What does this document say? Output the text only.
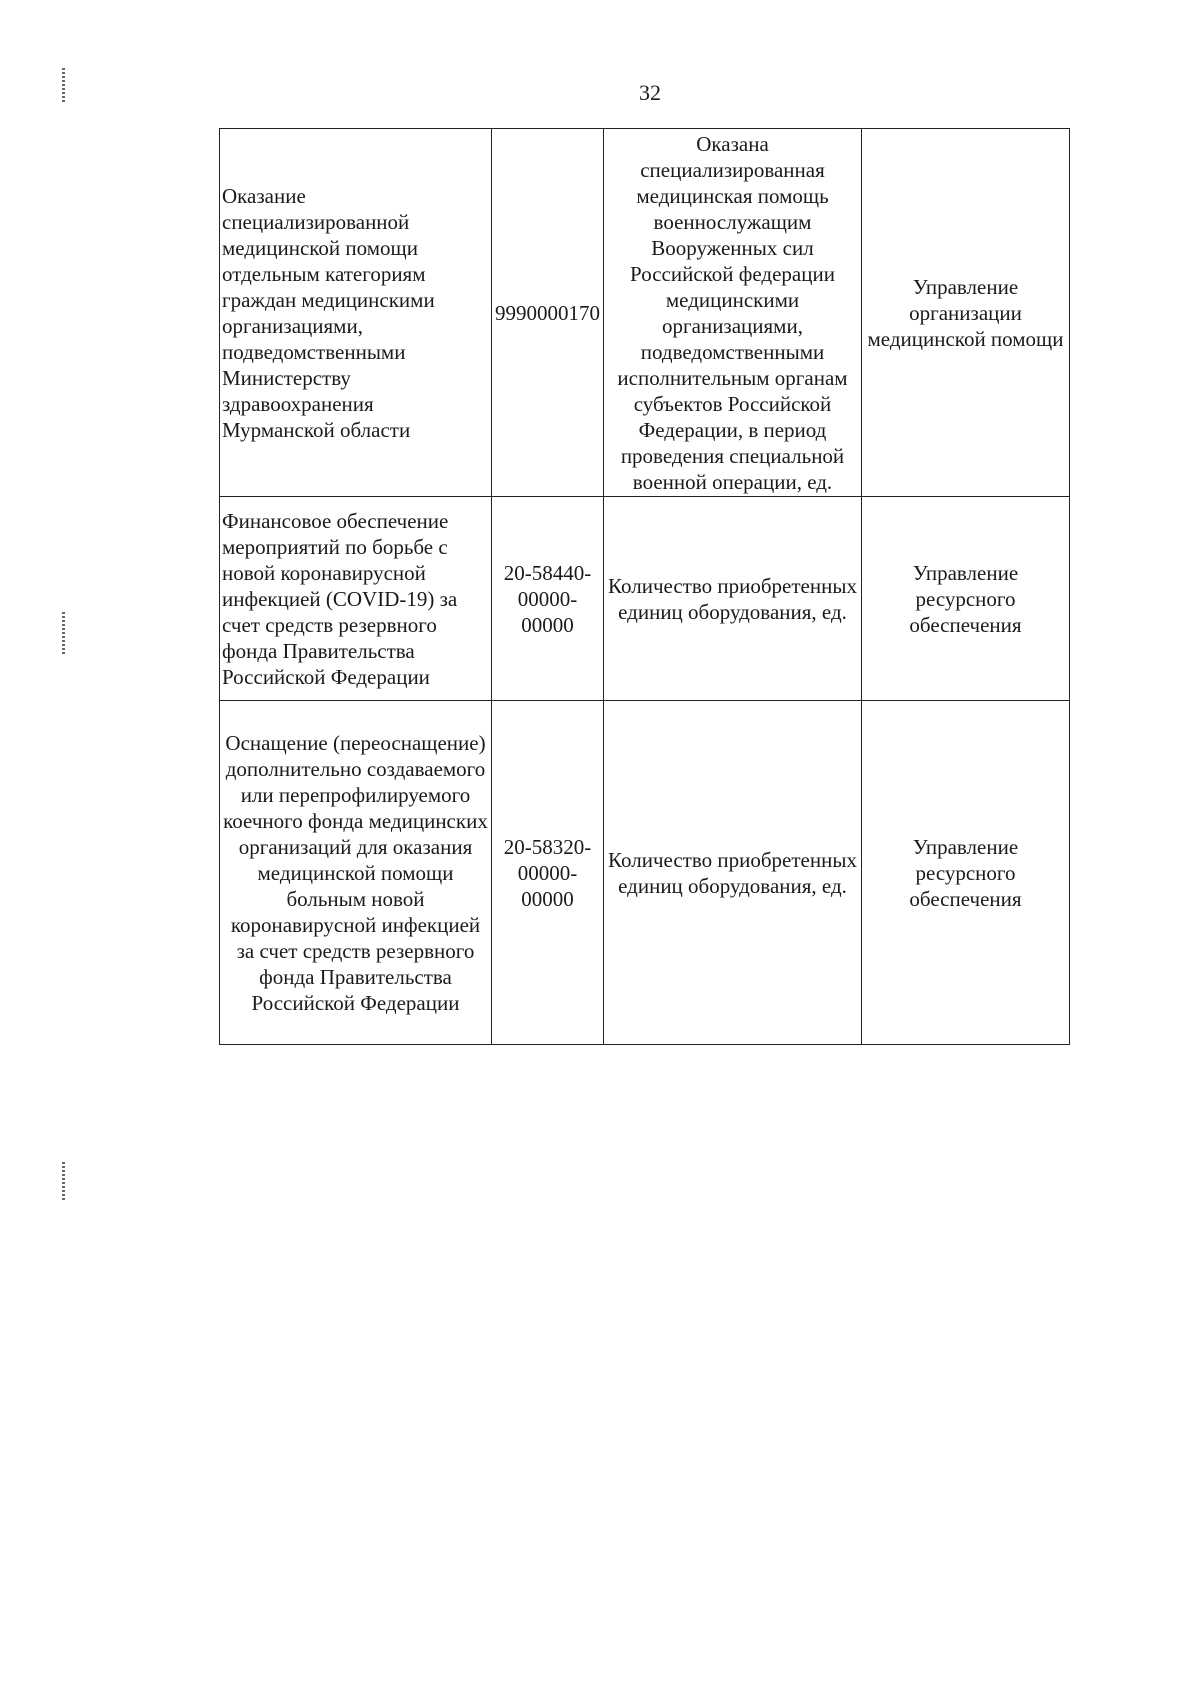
32
Оказание специализированной медицинской помощи отдельным категориям граждан медицинскими организациями, подведомственными Министерству здравоохранения Мурманской области	9990000170	Оказана специализированная медицинская помощь военнослужащим Вооруженных сил Российской федерации медицинскими организациями, подведомственными исполнительным органам субъектов Российской Федерации, в период проведения специальной военной операции, ед.	Управление организации медицинской помощи
Финансовое обеспечение мероприятий по борьбе с новой коронавирусной инфекцией (COVID-19) за счет средств резервного фонда Правительства Российской Федерации	20-58440-00000-00000	Количество приобретенных единиц оборудования, ед.	Управление ресурсного обеспечения
Оснащение (переоснащение) дополнительно создаваемого или перепрофилируемого коечного фонда медицинских организаций для оказания медицинской помощи больным новой коронавирусной инфекцией за счет средств резервного фонда Правительства Российской Федерации	20-58320-00000-00000	Количество приобретенных единиц оборудования, ед.	Управление ресурсного обеспечения
